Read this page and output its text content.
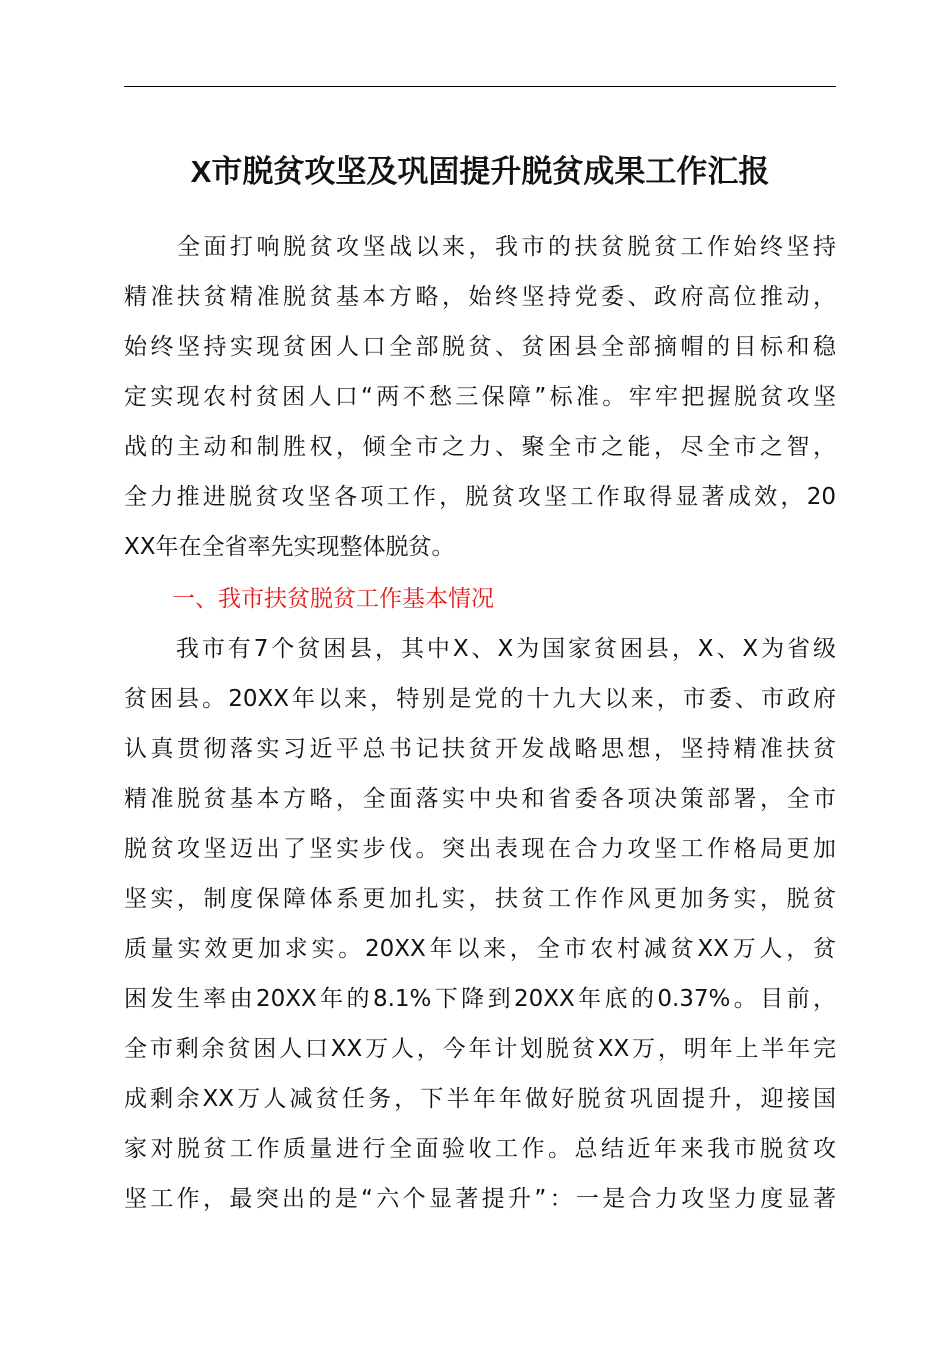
X市脱贫攻坚及巩固提升脱贫成果工作汇报
　　全面打响脱贫攻坚战以来，我市的扶贫脱贫工作始终坚持
精准扶贫精准脱贫基本方略，始终坚持党委、政府高位推动，
始终坚持实现贫困人口全部脱贫、贫困县全部摘帽的目标和稳
定实现农村贫困人口“两不愁三保障”标准。牢牢把握脱贫攻坚
战的主动和制胜权，倾全市之力、聚全市之能，尽全市之智，
全力推进脱贫攻坚各项工作，脱贫攻坚工作取得显著成效，20
XX年在全省率先实现整体脱贫。

一、我市扶贫脱贫工作基本情况

　　我市有7个贫困县，其中X、X为国家贫困县，X、X为省级
贫困县。20XX年以来，特别是党的十九大以来，市委、市政府
认真贯彻落实习近平总书记扶贫开发战略思想，坚持精准扶贫
精准脱贫基本方略，全面落实中央和省委各项决策部署，全市
脱贫攻坚迈出了坚实步伐。突出表现在合力攻坚工作格局更加
坚实，制度保障体系更加扎实，扶贫工作作风更加务实，脱贫
质量实效更加求实。20XX年以来，全市农村减贫XX万人，贫
困发生率由20XX年的8.1%下降到20XX年底的0.37%。目前，
全市剩余贫困人口XX万人，今年计划脱贫XX万，明年上半年完
成剩余XX万人减贫任务，下半年年做好脱贫巩固提升，迎接国
家对脱贫工作质量进行全面验收工作。总结近年来我市脱贫攻
坚工作，最突出的是“六个显著提升”：一是合力攻坚力度显著
